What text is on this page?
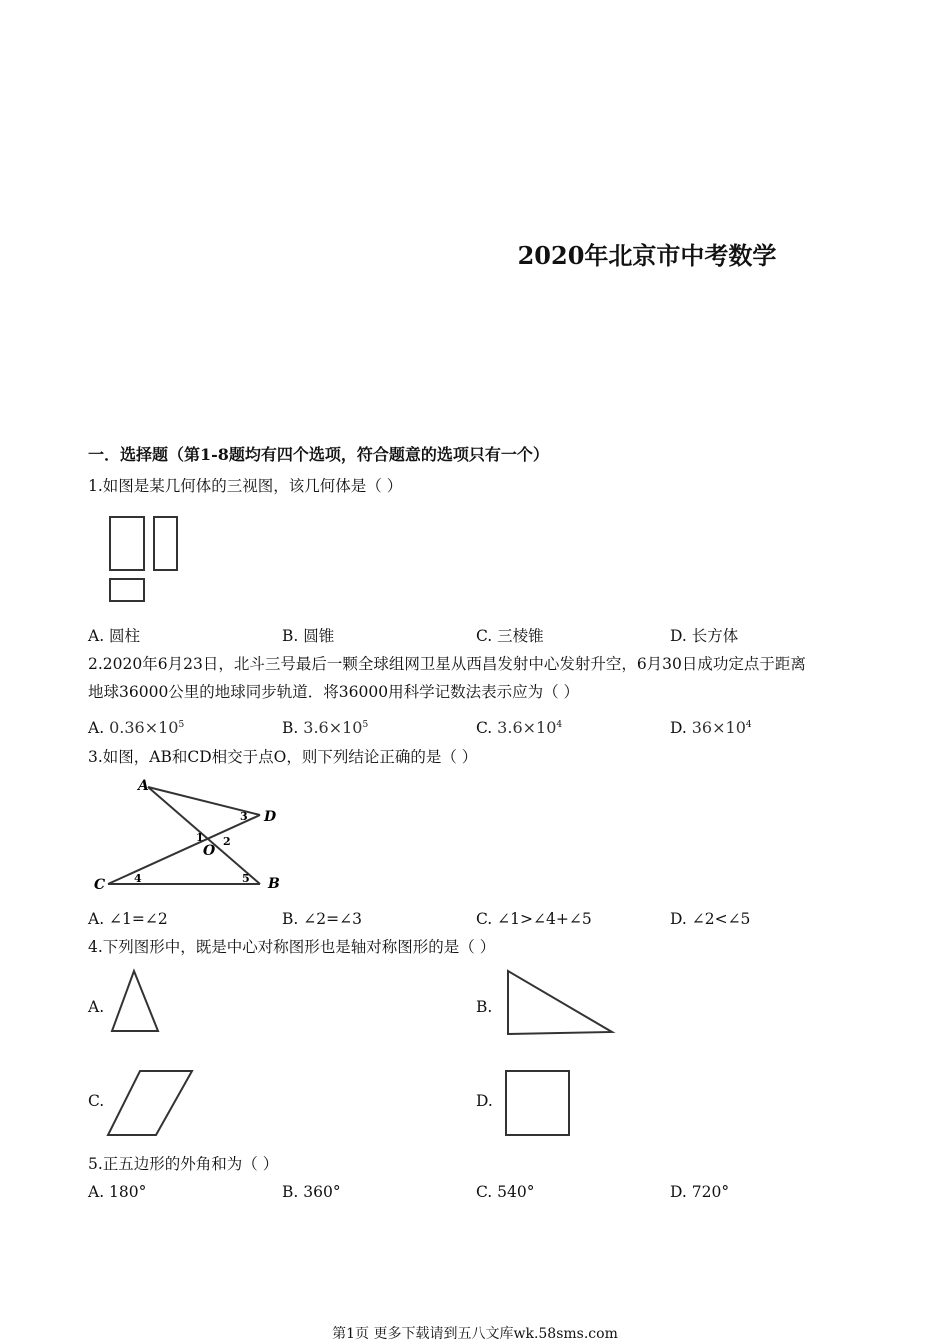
2020年北京市中考数学
一．选择题（第1-8题均有四个选项，符合题意的选项只有一个）
1.如图是某几何体的三视图，该几何体是（ ）
A. 圆柱	B. 圆锥	C. 三棱锥	D. 长方体
2.2020年6月23日，北斗三号最后一颗全球组网卫星从西昌发射中心发射升空，6月30日成功定点于距离
地球36000公里的地球同步轨道．将36000用科学记数法表示应为（ ）
A. $0.36\times 10^5$	B. $3.6\times 10^5$	C. $3.6\times 10^4$	D. $36\times 10^4$
3.如图，AB和CD相交于点O，则下列结论正确的是（ ）
A
D
C	B
O
1 2
3
4	5
A. ∠1=∠2	B. ∠2=∠3	C. ∠1>∠4+∠5	D. ∠2<∠5
4.下列图形中，既是中心对称图形也是轴对称图形的是（ ）
A.	B.
C.	D.
5.正五边形的外角和为（ ）
A. 180°	B. 360°	C. 540°	D. 720°
第1页 更多下载请到五八文库wk.58sms.com
